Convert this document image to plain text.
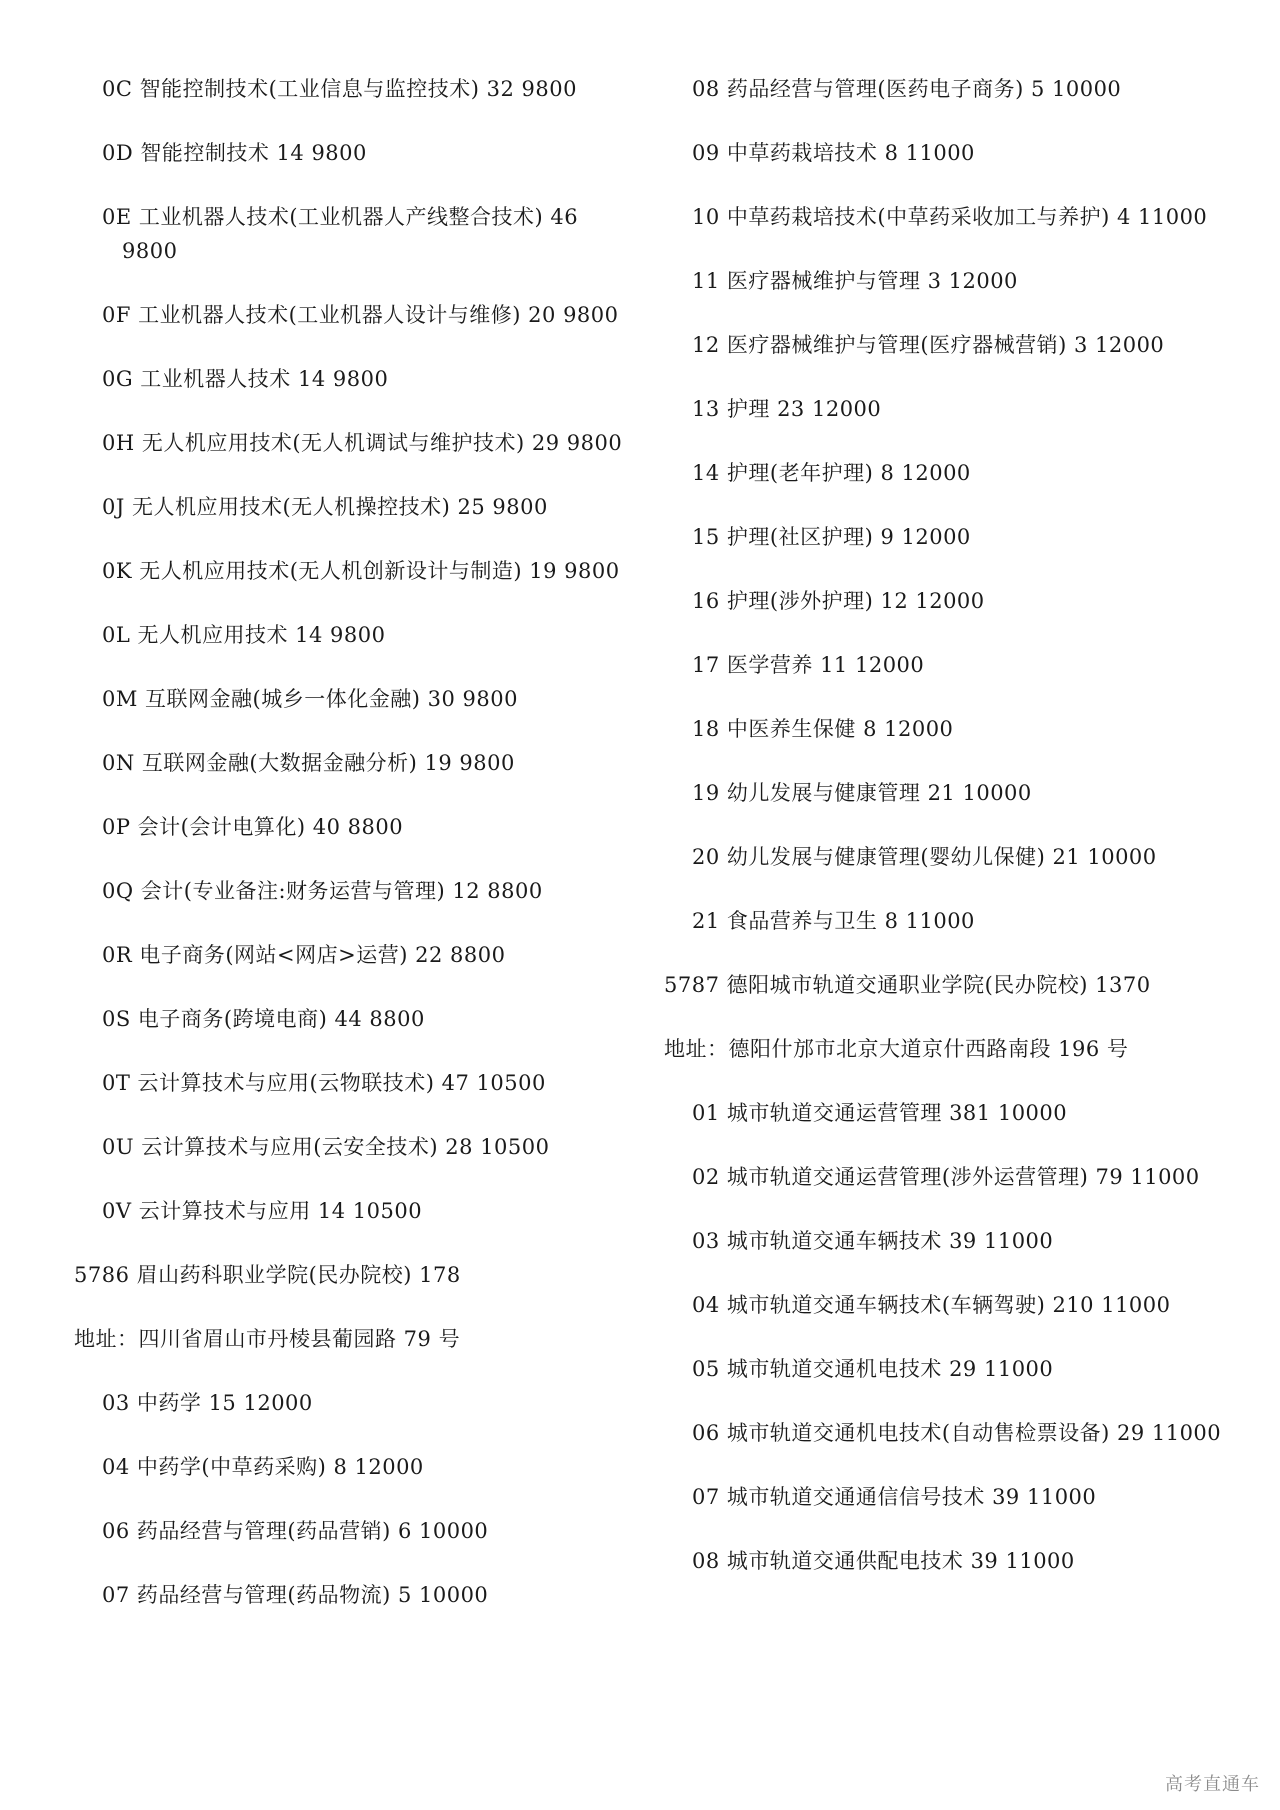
0C 智能控制技术(工业信息与监控技术) 32 9800
0D 智能控制技术 14 9800
0E 工业机器人技术(工业机器人产线整合技术) 46 9800
0F 工业机器人技术(工业机器人设计与维修) 20 9800
0G 工业机器人技术 14 9800
0H 无人机应用技术(无人机调试与维护技术) 29 9800
0J 无人机应用技术(无人机操控技术) 25 9800
0K 无人机应用技术(无人机创新设计与制造) 19 9800
0L 无人机应用技术 14 9800
0M 互联网金融(城乡一体化金融) 30 9800
0N 互联网金融(大数据金融分析) 19 9800
0P 会计(会计电算化) 40 8800
0Q 会计(专业备注:财务运营与管理) 12 8800
0R 电子商务(网站<网店>运营) 22 8800
0S 电子商务(跨境电商) 44 8800
0T 云计算技术与应用(云物联技术) 47 10500
0U 云计算技术与应用(云安全技术) 28 10500
0V 云计算技术与应用 14 10500
5786 眉山药科职业学院(民办院校) 178
地址：四川省眉山市丹棱县葡园路 79 号
03 中药学 15 12000
04 中药学(中草药采购) 8 12000
06 药品经营与管理(药品营销) 6 10000
07 药品经营与管理(药品物流) 5 10000
08 药品经营与管理(医药电子商务) 5 10000
09 中草药栽培技术 8 11000
10 中草药栽培技术(中草药采收加工与养护) 4 11000
11 医疗器械维护与管理 3 12000
12 医疗器械维护与管理(医疗器械营销) 3 12000
13 护理 23 12000
14 护理(老年护理) 8 12000
15 护理(社区护理) 9 12000
16 护理(涉外护理) 12 12000
17 医学营养 11 12000
18 中医养生保健 8 12000
19 幼儿发展与健康管理 21 10000
20 幼儿发展与健康管理(婴幼儿保健) 21 10000
21 食品营养与卫生 8 11000
5787 德阳城市轨道交通职业学院(民办院校) 1370
地址：德阳什邡市北京大道京什西路南段 196 号
01 城市轨道交通运营管理 381 10000
02 城市轨道交通运营管理(涉外运营管理) 79 11000
03 城市轨道交通车辆技术 39 11000
04 城市轨道交通车辆技术(车辆驾驶) 210 11000
05 城市轨道交通机电技术 29 11000
06 城市轨道交通机电技术(自动售检票设备) 29 11000
07 城市轨道交通通信信号技术 39 11000
08 城市轨道交通供配电技术 39 11000
高考直通车
